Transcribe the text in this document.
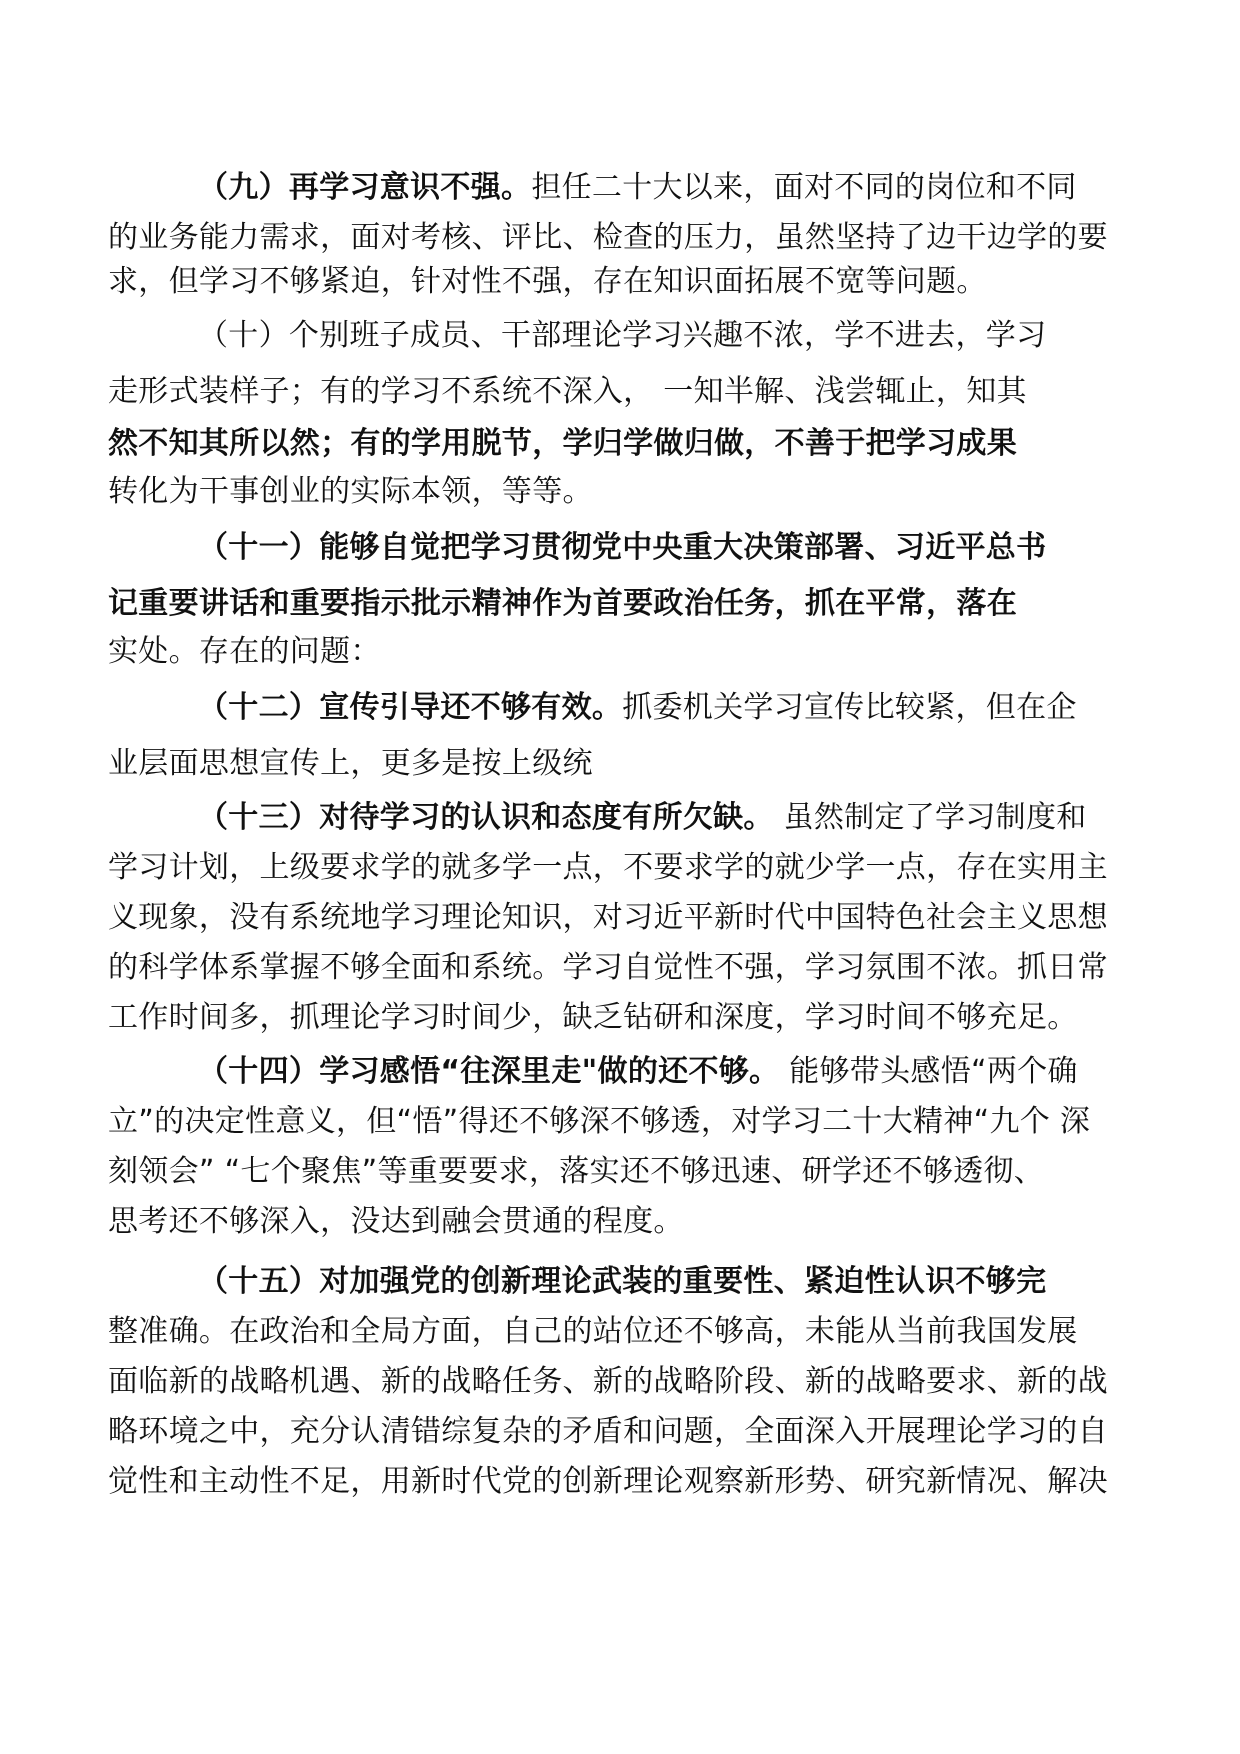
（九）再学习意识不强。担任二十大以来，面对不同的岗位和不同
的业务能力需求，面对考核、评比、检查的压力，虽然坚持了边干边学的要
求，但学习不够紧迫，针对性不强，存在知识面拓展不宽等问题。
（十）个别班子成员、干部理论学习兴趣不浓，学不进去，学习
走形式装样子；有的学习不系统不深入， 一知半解、浅尝辄止，知其
然不知其所以然；有的学用脱节，学归学做归做，不善于把学习成果
转化为干事创业的实际本领，等等。
（十一）能够自觉把学习贯彻党中央重大决策部署、习近平总书
记重要讲话和重要指示批示精神作为首要政治任务，抓在平常，落在
实处。存在的问题：
（十二）宣传引导还不够有效。抓委机关学习宣传比较紧，但在企
业层面思想宣传上，更多是按上级统
（十三）对待学习的认识和态度有所欠缺。 虽然制定了学习制度和
学习计划，上级要求学的就多学一点，不要求学的就少学一点，存在实用主
义现象，没有系统地学习理论知识，对习近平新时代中国特色社会主义思想
的科学体系掌握不够全面和系统。学习自觉性不强，学习氛围不浓。抓日常
工作时间多，抓理论学习时间少，缺乏钻研和深度，学习时间不够充足。
（十四）学习感悟“往深里走"做的还不够。 能够带头感悟“两个确
立”的决定性意义，但“悟”得还不够深不够透，对学习二十大精神“九个 深
刻领会” “七个聚焦”等重要要求，落实还不够迅速、研学还不够透彻、
思考还不够深入，没达到融会贯通的程度。
（十五）对加强党的创新理论武装的重要性、紧迫性认识不够完
整准确。在政治和全局方面，自己的站位还不够高，未能从当前我国发展
面临新的战略机遇、新的战略任务、新的战略阶段、新的战略要求、新的战
略环境之中，充分认清错综复杂的矛盾和问题，全面深入开展理论学习的自
觉性和主动性不足，用新时代党的创新理论观察新形势、研究新情况、解决
